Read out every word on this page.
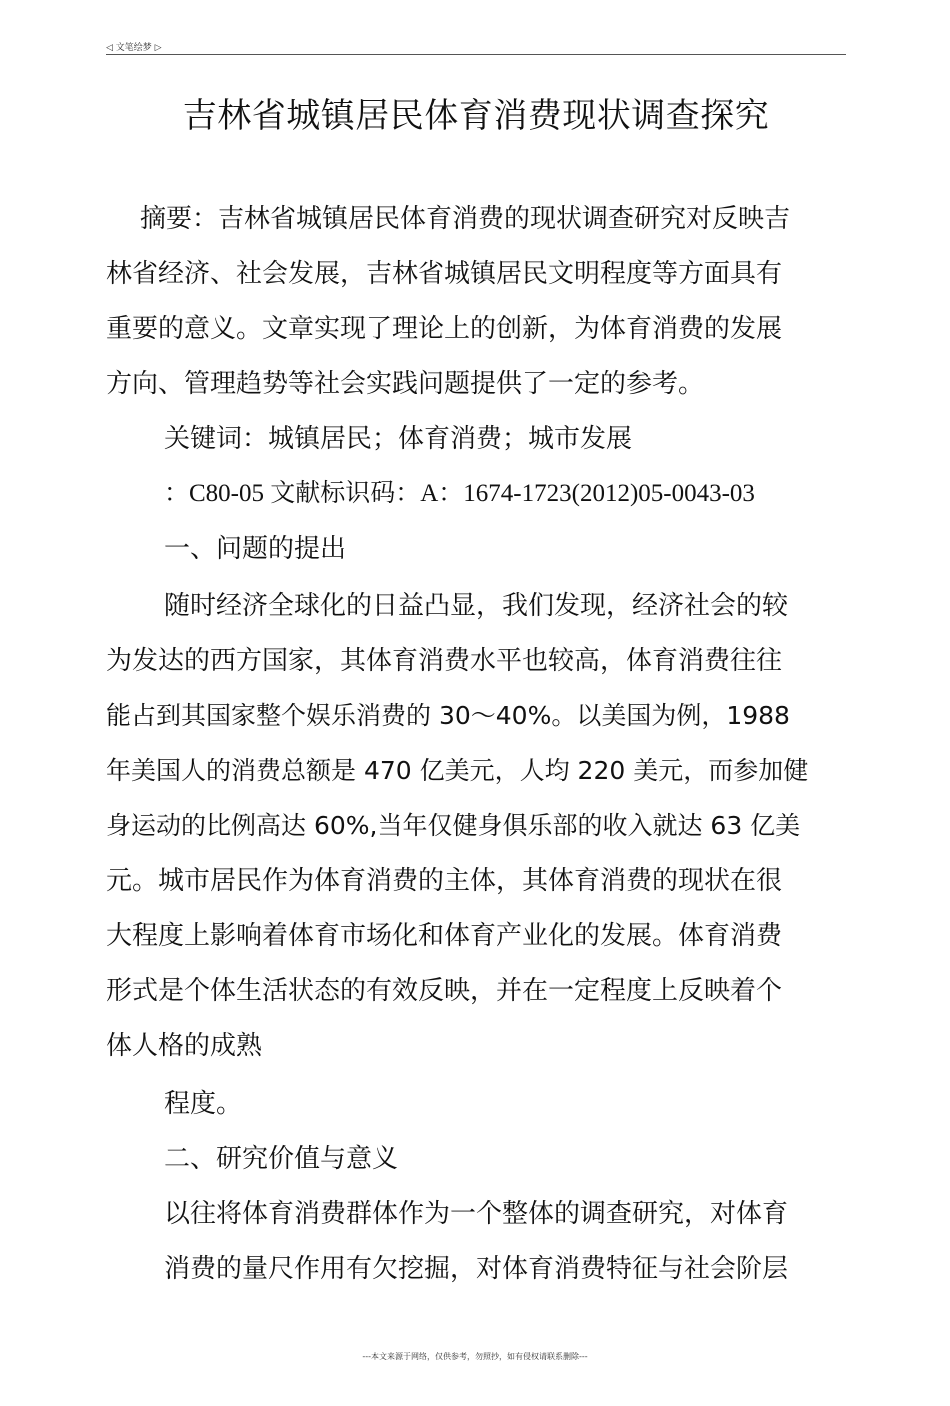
◁ 文笔绘梦 ▷
吉林省城镇居民体育消费现状调查探究
摘要：吉林省城镇居民体育消费的现状调查研究对反映吉
林省经济、社会发展，吉林省城镇居民文明程度等方面具有
重要的意义。文章实现了理论上的创新，为体育消费的发展
方向、管理趋势等社会实践问题提供了一定的参考。
关键词：城镇居民；体育消费；城市发展
：C80-05 文献标识码：A：1674-1723(2012)05-0043-03
一、问题的提出
随时经济全球化的日益凸显，我们发现，经济社会的较
为发达的西方国家，其体育消费水平也较高，体育消费往往
能占到其国家整个娱乐消费的 30〜40%。以美国为例，1988
年美国人的消费总额是 470 亿美元，人均 220 美元，而参加健
身运动的比例高达 60%,当年仅健身俱乐部的收入就达 63 亿美
元。城市居民作为体育消费的主体，其体育消费的现状在很
大程度上影响着体育市场化和体育产业化的发展。体育消费
形式是个体生活状态的有效反映，并在一定程度上反映着个
体人格的成熟
程度。
二、研究价值与意义
以往将体育消费群体作为一个整体的调查研究，对体育
消费的量尺作用有欠挖掘，对体育消费特征与社会阶层
---本文来源于网络，仅供参考，勿照抄，如有侵权请联系删除---
